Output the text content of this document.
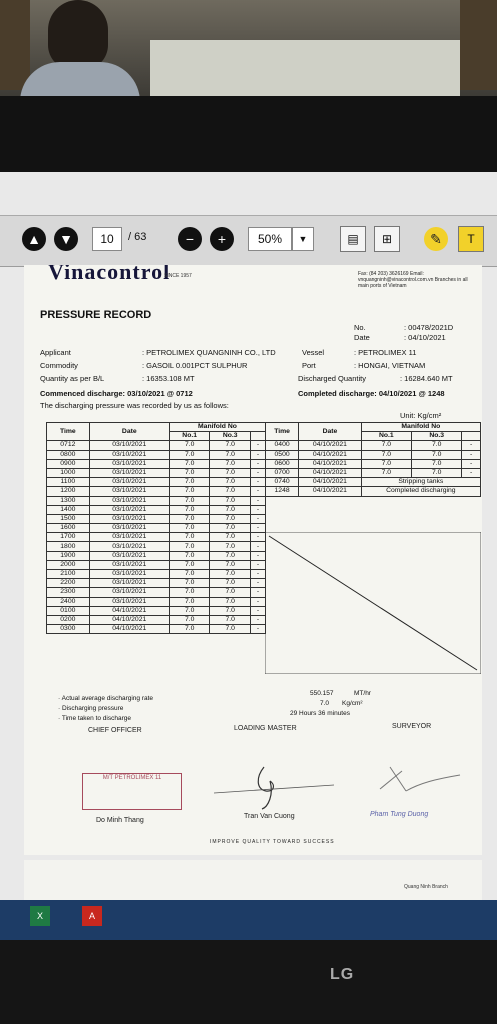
▲	▼	10	/ 63	−	+	50%	▼	▤	⊞	✎	T
Vinacontrol
SINCE 1957	Fax: (84 203) 3626169 Email: vnquangninh@vinacontrol.com.vn Branches in all main ports of Vietnam
PRESSURE RECORD
No.	: 00478/2021D
Date	: 04/10/2021
Applicant	: PETROLIMEX QUANGNINH CO., LTD	Vessel	: PETROLIMEX 11
Commodity	: GASOIL 0.001PCT SULPHUR	Port	: HONGAI, VIETNAM
Quantity as per B/L	: 16353.108 MT	Discharged Quantity	: 16284.640 MT
Commenced discharge: 03/10/2021 @ 0712	Completed discharge: 04/10/2021 @ 1248
The discharging pressure was recorded by us as follows:
Unit: Kg/cm²
Time	Date	Manifold No		
		No.1	No.3	
0712	03/10/2021	7.0	7.0	-
0800	03/10/2021	7.0	7.0	-
0900	03/10/2021	7.0	7.0	-
1000	03/10/2021	7.0	7.0	-
1100	03/10/2021	7.0	7.0	-
1200	03/10/2021	7.0	7.0	-
1300	03/10/2021	7.0	7.0	-
1400	03/10/2021	7.0	7.0	-
1500	03/10/2021	7.0	7.0	-
1600	03/10/2021	7.0	7.0	-
1700	03/10/2021	7.0	7.0	-
1800	03/10/2021	7.0	7.0	-
1900	03/10/2021	7.0	7.0	-
2000	03/10/2021	7.0	7.0	-
2100	03/10/2021	7.0	7.0	-
2200	03/10/2021	7.0	7.0	-
2300	03/10/2021	7.0	7.0	-
2400	03/10/2021	7.0	7.0	-
0100	04/10/2021	7.0	7.0	-
0200	04/10/2021	7.0	7.0	-
0300	04/10/2021	7.0	7.0	-
Time	Date	Manifold No		
		No.1	No.3	
0400	04/10/2021	7.0	7.0	-
0500	04/10/2021	7.0	7.0	-
0600	04/10/2021	7.0	7.0	-
0700	04/10/2021	7.0	7.0	-
0740	04/10/2021	Stripping tanks		
1248	04/10/2021	Completed discharging		
· Actual average discharging rate
· Discharging pressure
· Time taken to discharge
550.157	MT/hr
7.0 Kg/cm²
29 Hours 36 minutes
CHIEF OFFICER	LOADING MASTER	SURVEYOR
M/T PETROLIMEX 11
Do Minh Thang
Tran Van Cuong	Pham Tung Duong
IMPROVE QUALITY TOWARD SUCCESS
Quang Ninh Branch
X	A
LG
